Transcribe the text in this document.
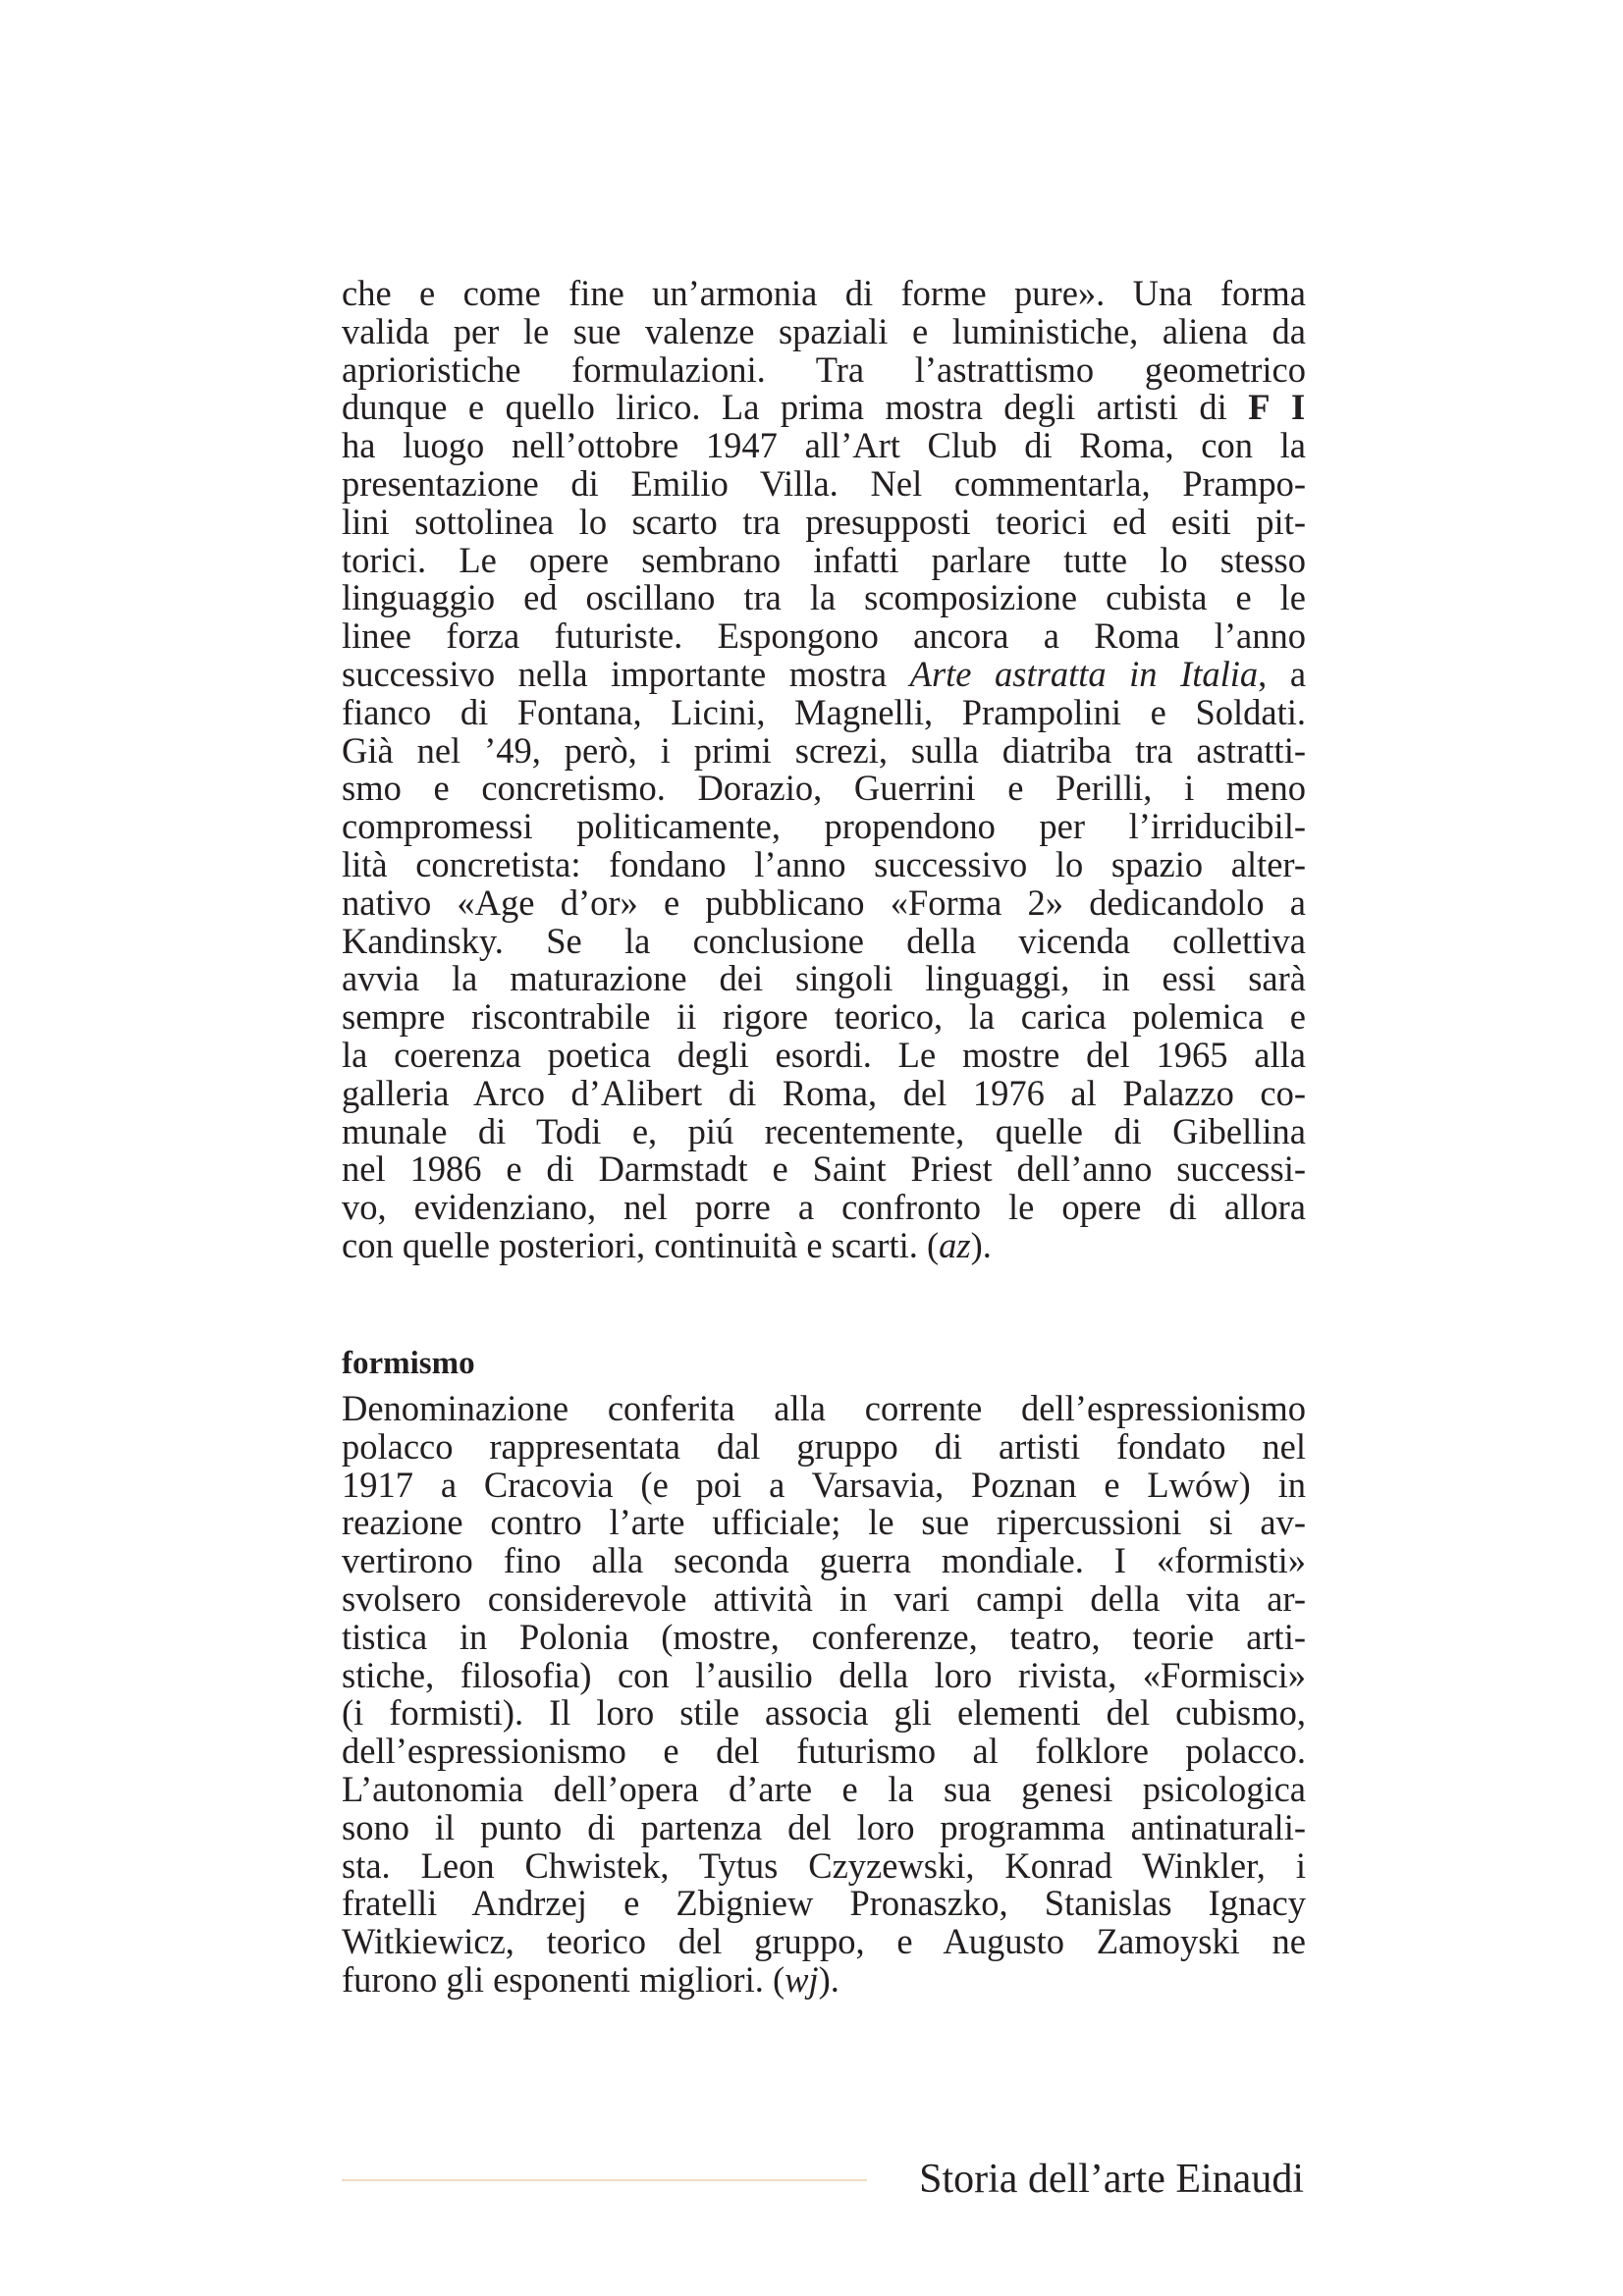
che e come fine un’armonia di forme pure». Una forma
valida per le sue valenze spaziali e luministiche, aliena da
aprioristiche formulazioni. Tra l’astrattismo geometrico
dunque e quello lirico. La prima mostra degli artisti di F I
ha luogo nell’ottobre 1947 all’Art Club di Roma, con la
presentazione di Emilio Villa. Nel commentarla, Prampo-
lini sottolinea lo scarto tra presupposti teorici ed esiti pit-
torici. Le opere sembrano infatti parlare tutte lo stesso
linguaggio ed oscillano tra la scomposizione cubista e le
linee forza futuriste. Espongono ancora a Roma l’anno
successivo nella importante mostra Arte astratta in Italia, a
fianco di Fontana, Licini, Magnelli, Prampolini e Soldati.
Già nel ’49, però, i primi screzi, sulla diatriba tra astratti-
smo e concretismo. Dorazio, Guerrini e Perilli, i meno
compromessi politicamente, propendono per l’irriducibil-
lità concretista: fondano l’anno successivo lo spazio alter-
nativo «Age d’or» e pubblicano «Forma 2» dedicandolo a
Kandinsky. Se la conclusione della vicenda collettiva
avvia la maturazione dei singoli linguaggi, in essi sarà
sempre riscontrabile ii rigore teorico, la carica polemica e
la coerenza poetica degli esordi. Le mostre del 1965 alla
galleria Arco d’Alibert di Roma, del 1976 al Palazzo co-
munale di Todi e, piú recentemente, quelle di Gibellina
nel 1986 e di Darmstadt e Saint Priest dell’anno successi-
vo, evidenziano, nel porre a confronto le opere di allora
con quelle posteriori, continuità e scarti. (az).
formismo
Denominazione conferita alla corrente dell’espressionismo
polacco rappresentata dal gruppo di artisti fondato nel
1917 a Cracovia (e poi a Varsavia, Poznan e Lwów) in
reazione contro l’arte ufficiale; le sue ripercussioni si av-
vertirono fino alla seconda guerra mondiale. I «formisti»
svolsero considerevole attività in vari campi della vita ar-
tistica in Polonia (mostre, conferenze, teatro, teorie arti-
stiche, filosofia) con l’ausilio della loro rivista, «Formisci»
(i formisti). Il loro stile associa gli elementi del cubismo,
dell’espressionismo e del futurismo al folklore polacco.
L’autonomia dell’opera d’arte e la sua genesi psicologica
sono il punto di partenza del loro programma antinaturali-
sta. Leon Chwistek, Tytus Czyzewski, Konrad Winkler, i
fratelli Andrzej e Zbigniew Pronaszko, Stanislas Ignacy
Witkiewicz, teorico del gruppo, e Augusto Zamoyski ne
furono gli esponenti migliori. (wj).
Storia dell’arte Einaudi
